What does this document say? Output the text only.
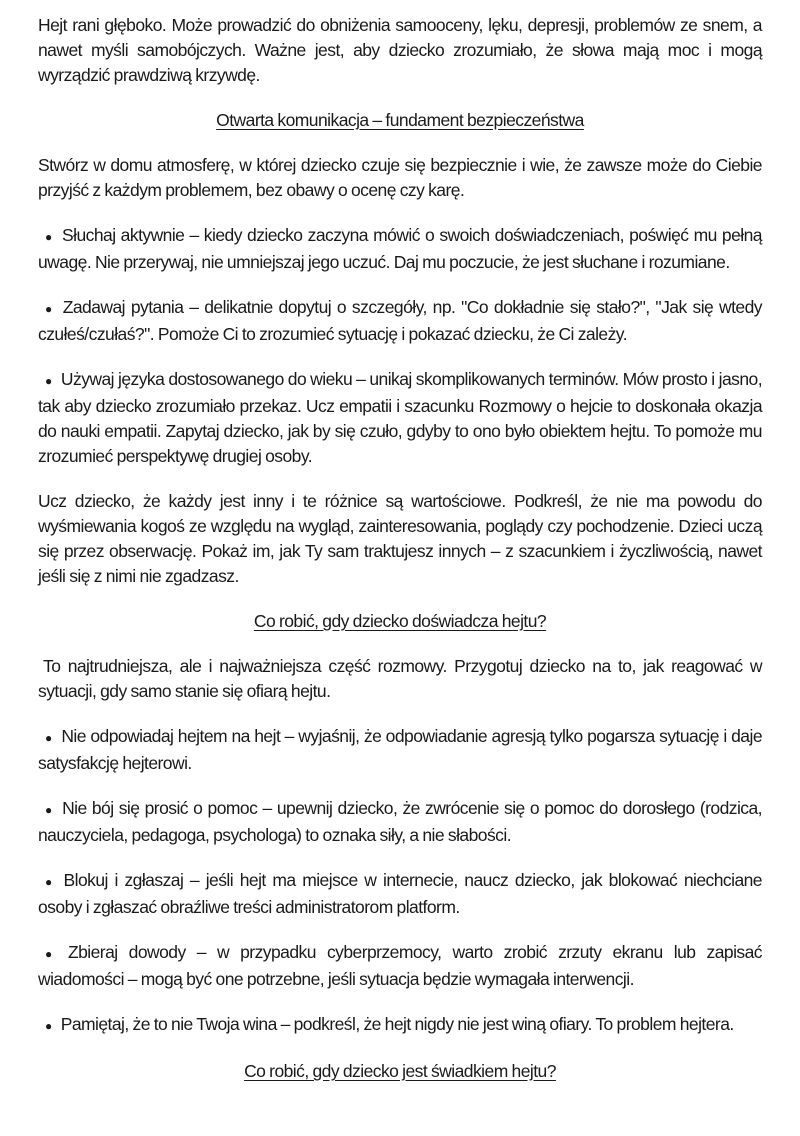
Hejt rani głęboko. Może prowadzić do obniżenia samooceny, lęku, depresji, problemów ze snem, a nawet myśli samobójczych. Ważne jest, aby dziecko zrozumiało, że słowa mają moc i mogą wyrządzić prawdziwą krzywdę.

Otwarta komunikacja – fundament bezpieczeństwa

Stwórz w domu atmosferę, w której dziecko czuje się bezpiecznie i wie, że zawsze może do Ciebie przyjść z każdym problemem, bez obawy o ocenę czy karę.

● Słuchaj aktywnie – kiedy dziecko zaczyna mówić o swoich doświadczeniach, poświęć mu pełną uwagę. Nie przerywaj, nie umniejszaj jego uczuć. Daj mu poczucie, że jest słuchane i rozumiane.

● Zadawaj pytania – delikatnie dopytuj o szczegóły, np. "Co dokładnie się stało?", "Jak się wtedy czułeś/czułaś?". Pomoże Ci to zrozumieć sytuację i pokazać dziecku, że Ci zależy.

● Używaj języka dostosowanego do wieku – unikaj skomplikowanych terminów. Mów prosto i jasno, tak aby dziecko zrozumiało przekaz. Ucz empatii i szacunku Rozmowy o hejcie to doskonała okazja do nauki empatii. Zapytaj dziecko, jak by się czuło, gdyby to ono było obiektem hejtu. To pomoże mu zrozumieć perspektywę drugiej osoby.

Ucz dziecko, że każdy jest inny i te różnice są wartościowe. Podkreśl, że nie ma powodu do wyśmiewania kogoś ze względu na wygląd, zainteresowania, poglądy czy pochodzenie. Dzieci uczą się przez obserwację. Pokaż im, jak Ty sam traktujesz innych – z szacunkiem i życzliwością, nawet jeśli się z nimi nie zgadzasz.

Co robić, gdy dziecko doświadcza hejtu?

To najtrudniejsza, ale i najważniejsza część rozmowy. Przygotuj dziecko na to, jak reagować w sytuacji, gdy samo stanie się ofiarą hejtu.

● Nie odpowiadaj hejtem na hejt – wyjaśnij, że odpowiadanie agresją tylko pogarsza sytuację i daje satysfakcję hejterowi.

● Nie bój się prosić o pomoc – upewnij dziecko, że zwrócenie się o pomoc do dorosłego (rodzica, nauczyciela, pedagoga, psychologa) to oznaka siły, a nie słabości.

● Blokuj i zgłaszaj – jeśli hejt ma miejsce w internecie, naucz dziecko, jak blokować niechciane osoby i zgłaszać obraźliwe treści administratorom platform.

● Zbieraj dowody – w przypadku cyberprzemocy, warto zrobić zrzuty ekranu lub zapisać wiadomości – mogą być one potrzebne, jeśli sytuacja będzie wymagała interwencji.

● Pamiętaj, że to nie Twoja wina – podkreśl, że hejt nigdy nie jest winą ofiary. To problem hejtera.

Co robić, gdy dziecko jest świadkiem hejtu?
